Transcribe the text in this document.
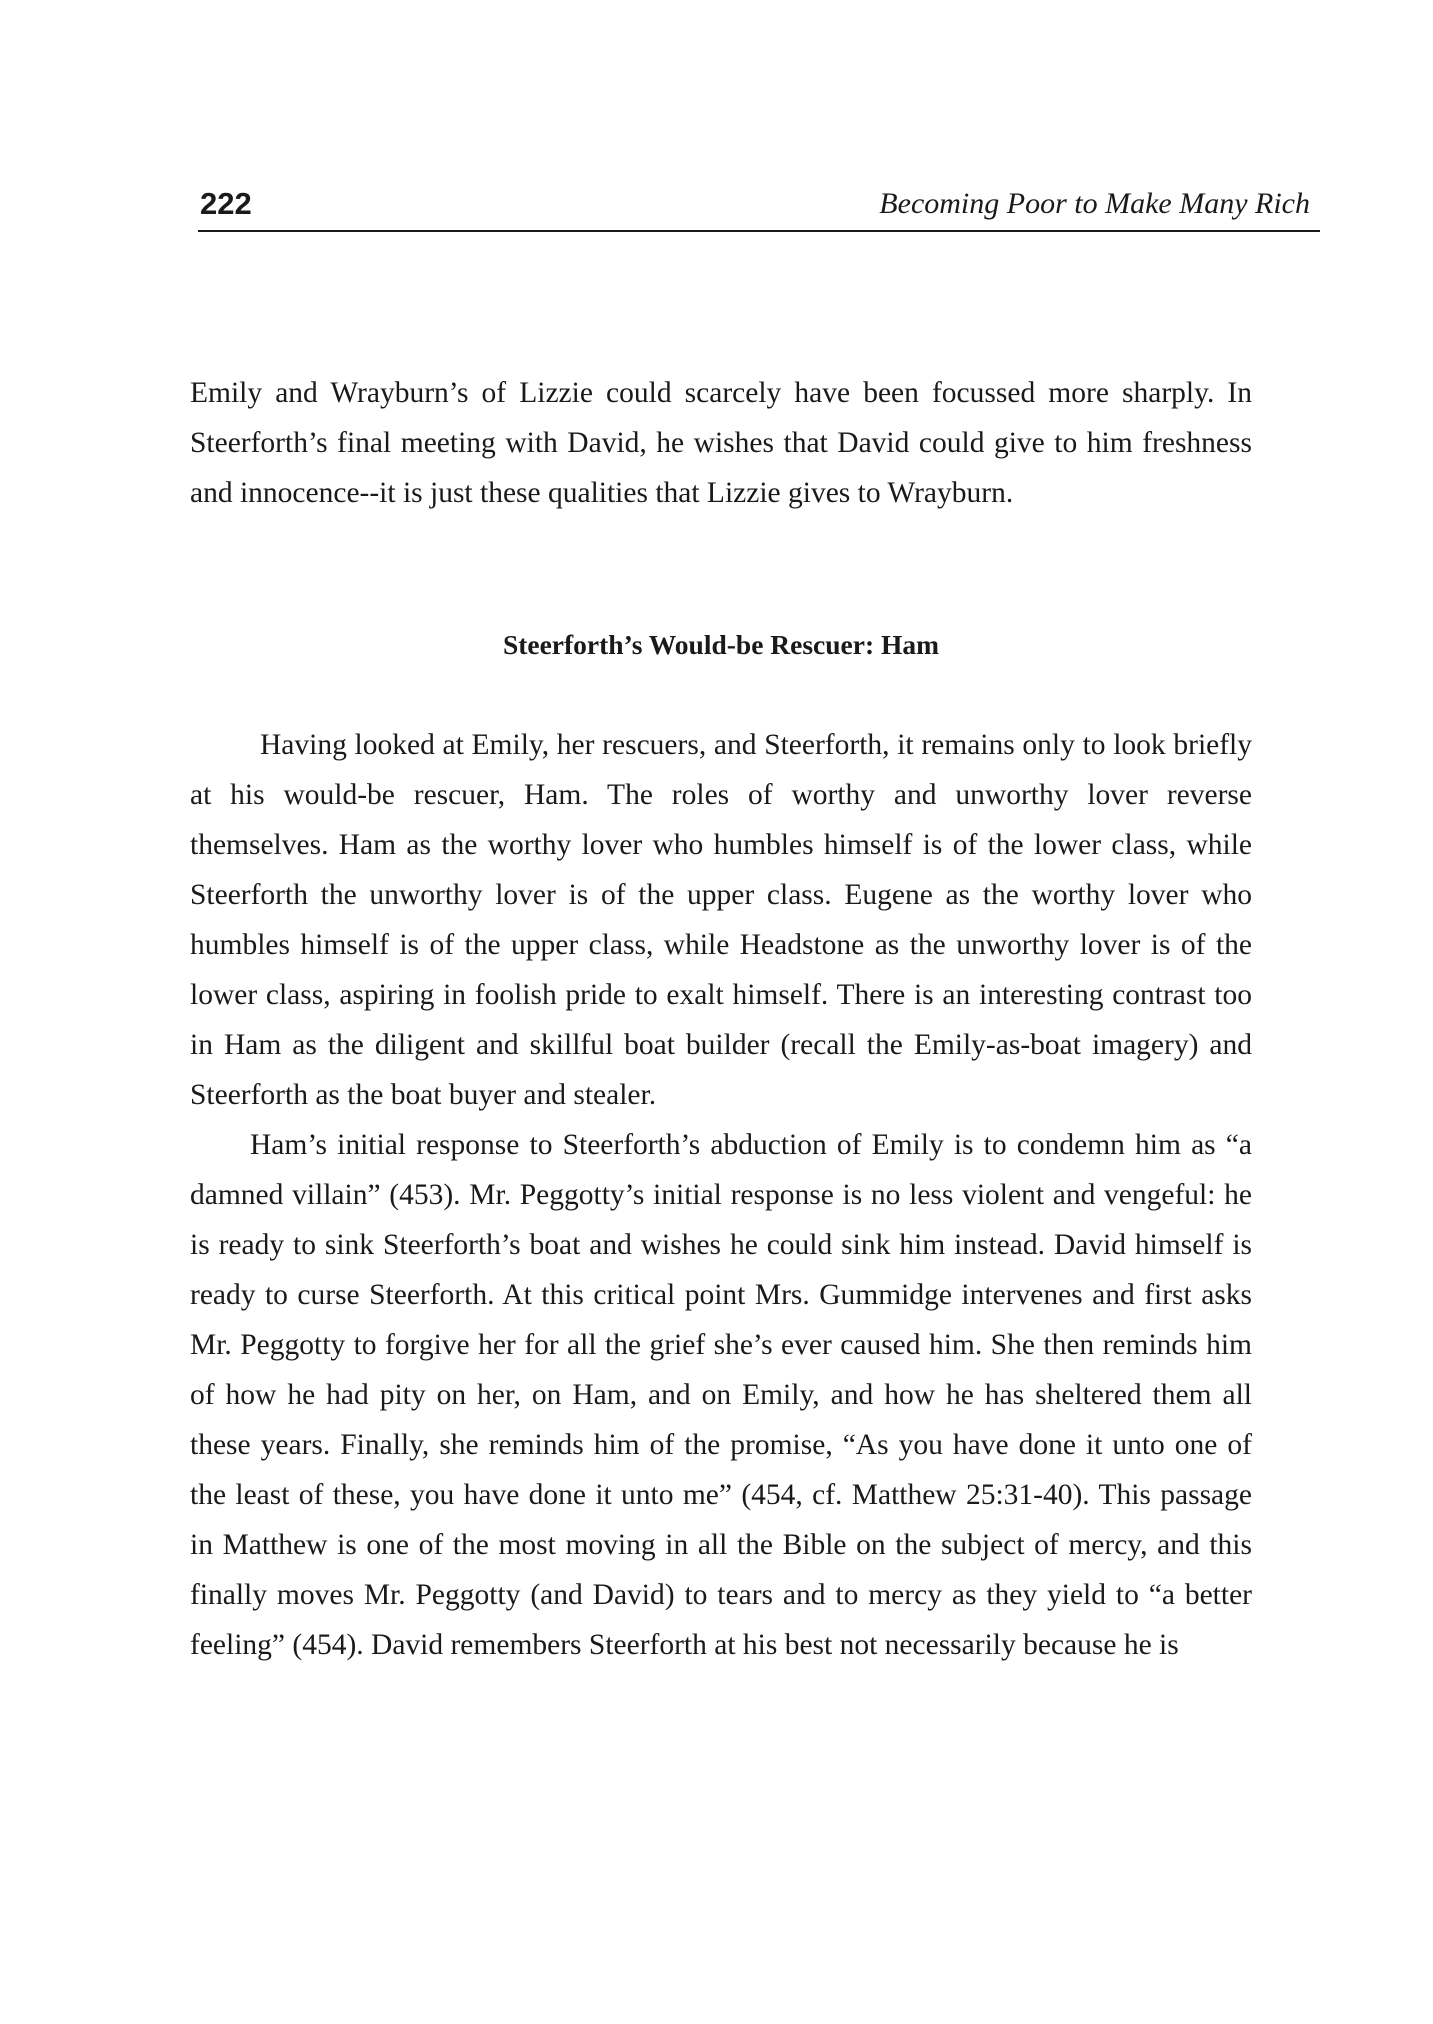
222	Becoming Poor to Make Many Rich

Emily and Wrayburn’s of Lizzie could scarcely have been focussed more sharply. In Steerforth’s final meeting with David, he wishes that David could give to him freshness and innocence--it is just these qualities that Lizzie gives to Wrayburn.

Steerforth’s Would-be Rescuer: Ham

Having looked at Emily, her rescuers, and Steerforth, it remains only to look briefly at his would-be rescuer, Ham. The roles of worthy and unworthy lover reverse themselves. Ham as the worthy lover who humbles himself is of the lower class, while Steerforth the unworthy lover is of the upper class. Eugene as the worthy lover who humbles himself is of the upper class, while Headstone as the unworthy lover is of the lower class, aspiring in foolish pride to exalt himself. There is an interesting contrast too in Ham as the diligent and skillful boat builder (recall the Emily-as-boat imagery) and Steerforth as the boat buyer and stealer.

Ham’s initial response to Steerforth’s abduction of Emily is to condemn him as “a damned villain” (453). Mr. Peggotty’s initial response is no less violent and vengeful: he is ready to sink Steerforth’s boat and wishes he could sink him instead. David himself is ready to curse Steerforth. At this critical point Mrs. Gummidge intervenes and first asks Mr. Peggotty to forgive her for all the grief she’s ever caused him. She then reminds him of how he had pity on her, on Ham, and on Emily, and how he has sheltered them all these years. Finally, she reminds him of the promise, “As you have done it unto one of the least of these, you have done it unto me” (454, cf. Matthew 25:31-40). This passage in Matthew is one of the most moving in all the Bible on the subject of mercy, and this finally moves Mr. Peggotty (and David) to tears and to mercy as they yield to “a better feeling” (454). David remembers Steerforth at his best not necessarily because he is
